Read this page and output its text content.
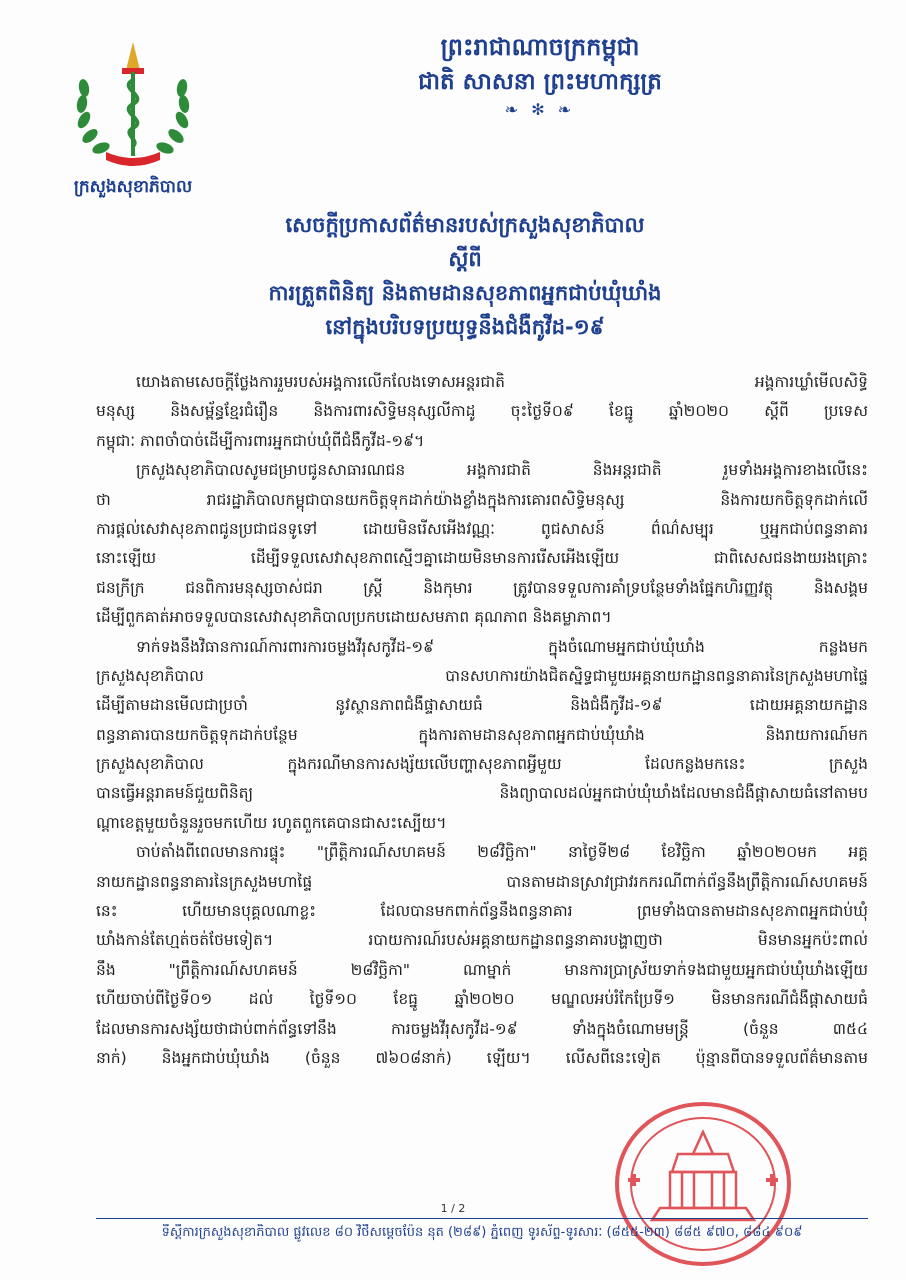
ក្រសួងសុខាភិបាល
ព្រះរាជាណាចក្រកម្ពុជា
ជាតិ សាសនា ព្រះមហាក្សត្រ
❧ ✻ ❧
សេចក្តីប្រកាសព័ត៌មានរបស់ក្រសួងសុខាភិបាល
ស្តីពី
ការត្រួតពិនិត្យ និងតាមដានសុខភាពអ្នកជាប់ឃុំឃាំង
នៅក្នុងបរិបទប្រយុទ្ធនឹងជំងឺកូវីដ-១៩
យោងតាមសេចក្តីថ្លែងការរួមរបស់អង្គការលើកលែងទោសអន្តរជាតិ អង្គការឃ្លាំមើលសិទ្ធិ
មនុស្ស និងសម្ព័ន្ធខ្មែរជំរឿន និងការពារសិទ្ធិមនុស្សលីកាដូ ចុះថ្ងៃទី០៩ ខែធ្នូ ឆ្នាំ២០២០ ស្តីពី ប្រទេស
កម្ពុជាៈ ភាពចាំបាច់ដើម្បីការពារអ្នកជាប់ឃុំពីជំងឺកូវីដ-១៩។
ក្រសួងសុខាភិបាលសូមជម្រាបជូនសាធារណជន អង្គការជាតិ និងអន្តរជាតិ រួមទាំងអង្គការខាងលើនេះ
ថា រាជរដ្ឋាភិបាលកម្ពុជាបានយកចិត្តទុកដាក់យ៉ាងខ្លាំងក្នុងការគោរពសិទ្ធិមនុស្ស និងការយកចិត្តទុកដាក់លើ
ការផ្តល់សេវាសុខភាពជូនប្រជាជនទូទៅ ដោយមិនរើសអើងវណ្ណៈ ពូជសាសន៍ ព៌ណ៌សម្បុរ ឬអ្នកជាប់ពន្ធនាគារ
នោះឡើយ ដើម្បីទទួលសេវាសុខភាពស្មើៗគ្នាដោយមិនមានការរើសអើងឡើយ ជាពិសេសជនងាយរងគ្រោះ
ជនក្រីក្រ ជនពិការមនុស្សចាស់ជរា ស្ត្រី និងកុមារ ត្រូវបានទទួលការគាំទ្របន្ថែមទាំងផ្នែកហិរញ្ញវត្ថុ និងសង្គម
ដើម្បីពួកគាត់អាចទទួលបានសេវាសុខាភិបាលប្រកបដោយសមភាព គុណភាព និងគម្លាភាព។
ទាក់ទងនឹងវិធានការណ៍ការពារការចម្លងវីរុសកូវីដ-១៩ ក្នុងចំណោមអ្នកជាប់ឃុំឃាំង កន្លងមក
ក្រសួងសុខាភិបាល បានសហការយ៉ាងជិតស្និទ្ធជាមួយអគ្គនាយកដ្ឋានពន្ធនាគារនៃក្រសួងមហាផ្ទៃ
ដើម្បីតាមដានមើលជាប្រចាំ នូវស្ថានភាពជំងឺផ្ទាសាយធំ និងជំងឺកូវីដ-១៩ ដោយអគ្គនាយកដ្ឋាន
ពន្ធនាគារបានយកចិត្តទុកដាក់បន្ថែម ក្នុងការតាមដានសុខភាពអ្នកជាប់ឃុំឃាំង និងរាយការណ៍មក
ក្រសួងសុខាភិបាល ក្នុងករណីមានការសង្ស័យលើបញ្ហាសុខភាពអ្វីមួយ ដែលកន្លងមកនេះ ក្រសួង
បានធ្វើអន្តរាគមន៍ជួយពិនិត្យ និងព្យាបាលដល់អ្នកជាប់ឃុំឃាំងដែលមានជំងឺផ្តាសាយធំនៅតាមប
ណ្តាខេត្តមួយចំនួនរួចមកហើយ រហូតពួកគេបានជាសះស្បើយ។
ចាប់តាំងពីពេលមានការផ្ទុះ "ព្រឹត្តិការណ៍សហគមន៍ ២៨វិច្ឆិកា" នាថ្ងៃទី២៨ ខែវិច្ឆិកា ឆ្នាំ២០២០មក អគ្គ
នាយកដ្ឋានពន្ធនាគារនៃក្រសួងមហាផ្ទៃ បានតាមដានស្រាវជ្រាវរកករណីពាក់ព័ន្ធនឹងព្រឹត្តិការណ៍សហគមន៍
នេះ ហើយមានបុគ្គលណាខ្លះ ដែលបានមកពាក់ព័ន្ធនឹងពន្ធនាគារ ព្រមទាំងបានតាមដានសុខភាពអ្នកជាប់ឃុំ
ឃាំងកាន់តែហ្មត់ចត់ថែមទៀត។ របាយការណ៍របស់អគ្គនាយកដ្ឋានពន្ធនាគារបង្ហាញថា មិនមានអ្នកប៉ះពាល់
នឹង "ព្រឹត្តិការណ៍សហគមន៍ ២៨វិច្ឆិកា" ណាម្នាក់ មានការប្រាស្រ័យទាក់ទងជាមួយអ្នកជាប់ឃុំឃាំងឡើយ
ហើយចាប់ពីថ្ងៃទី០១ ដល់ ថ្ងៃទី១០ ខែធ្នូ ឆ្នាំ២០២០ មណ្ឌលអប់រំកែប្រែទី១ មិនមានករណីជំងឺផ្តាសាយធំ
ដែលមានការសង្ស័យថាជាប់ពាក់ព័ន្ធទៅនឹង ការចម្លងវីរុសកូវីដ-១៩ ទាំងក្នុងចំណោមមន្ត្រី (ចំនួន ៣៥៤
នាក់) និងអ្នកជាប់ឃុំឃាំង (ចំនួន ៧៦០៨នាក់) ឡើយ។ លើសពីនេះទៀត ប៉ុន្មានពីបានទទួលព័ត៌មានតាម
1 / 2
ទីស្តីការក្រសួងសុខាភិបាល ផ្លូវលេខ ៨០ វិថីសម្តេចប៉ែន នុត (២៨៩) ភ្នំពេញ ទូរស័ព្ទ-ទូរសារៈ (៨៥៥-២៣) ៨៨៥ ៩៧០, ៨៨៤ ៩០៩
